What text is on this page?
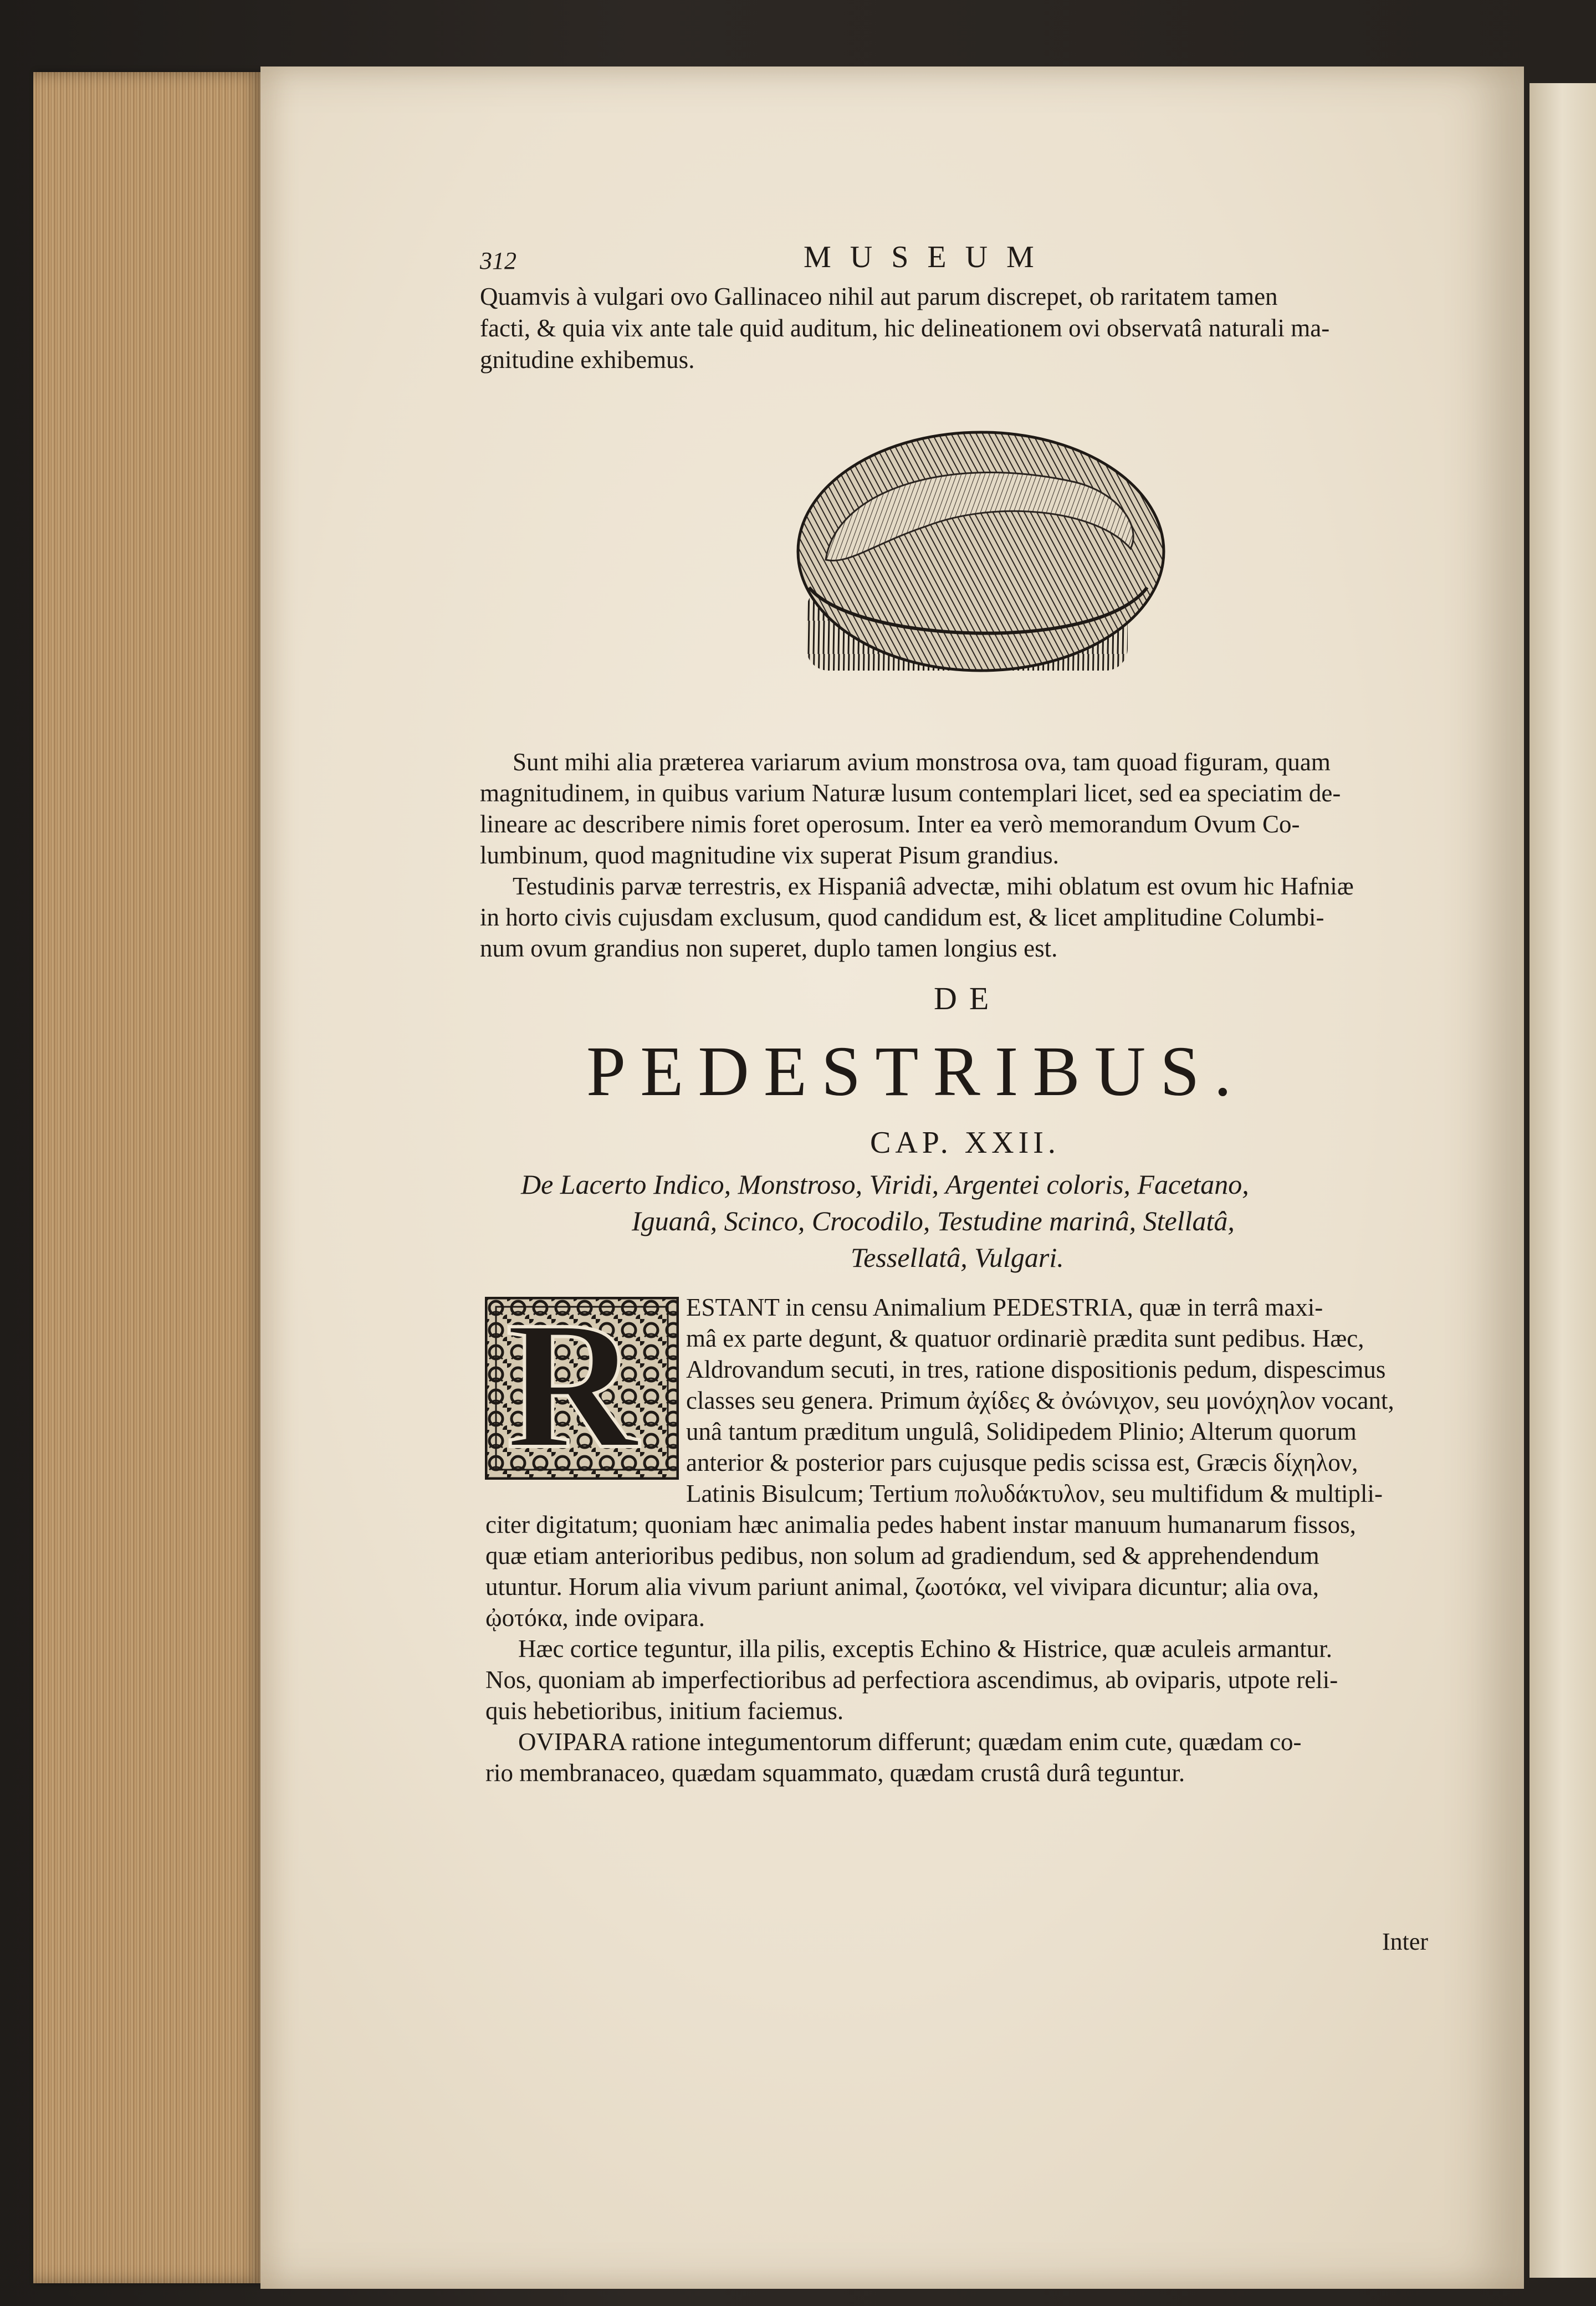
312	MUSEUM
Quamvis à vulgari ovo Gallinaceo nihil aut parum discrepet, ob raritatem tamen
facti, & quia vix ante tale quid auditum, hic delineationem ovi observatâ naturali ma-
gnitudine exhibemus.
Sunt mihi alia præterea variarum avium monstrosa ova, tam quoad figuram, quam
magnitudinem, in quibus varium Naturæ lusum contemplari licet, sed ea speciatim de-
lineare ac describere nimis foret operosum. Inter ea verò memorandum Ovum Co-
lumbinum, quod magnitudine vix superat Pisum grandius.
Testudinis parvæ terrestris, ex Hispaniâ advectæ, mihi oblatum est ovum hic Hafniæ
in horto civis cujusdam exclusum, quod candidum est, & licet amplitudine Columbi-
num ovum grandius non superet, duplo tamen longius est.
DE
PEDESTRIBUS.
CAP. XXII.
De Lacerto Indico, Monstroso, Viridi, Argentei coloris, Facetano,
Iguanâ, Scinco, Crocodilo, Testudine marinâ, Stellatâ,
Tessellatâ, Vulgari.
R ESTANT in censu Animalium PEDESTRIA, quæ in terrâ maxi-
mâ ex parte degunt, & quatuor ordinariè prædita sunt pedibus. Hæc,
Aldrovandum secuti, in tres, ratione dispositionis pedum, dispescimus
classes seu genera. Primum ἀχίδες & ὀνώνιχον, seu μονόχηλον vocant,
unâ tantum præditum ungulâ, Solidipedem Plinio; Alterum quorum
anterior & posterior pars cujusque pedis scissa est, Græcis δίχηλον,
Latinis Bisulcum; Tertium πολυδάκτυλον, seu multifidum & multipli-
citer digitatum; quoniam hæc animalia pedes habent instar manuum humanarum fissos,
quæ etiam anterioribus pedibus, non solum ad gradiendum, sed & apprehendendum
utuntur. Horum alia vivum pariunt animal, ζωοτόκα, vel vivipara dicuntur; alia ova,
ᾠοτόκα, inde ovipara.
Hæc cortice teguntur, illa pilis, exceptis Echino & Histrice, quæ aculeis armantur.
Nos, quoniam ab imperfectioribus ad perfectiora ascendimus, ab oviparis, utpote reli-
quis hebetioribus, initium faciemus.
OVIPARA ratione integumentorum differunt; quædam enim cute, quædam co-
rio membranaceo, quædam squammato, quædam crustâ durâ teguntur.
Inter
